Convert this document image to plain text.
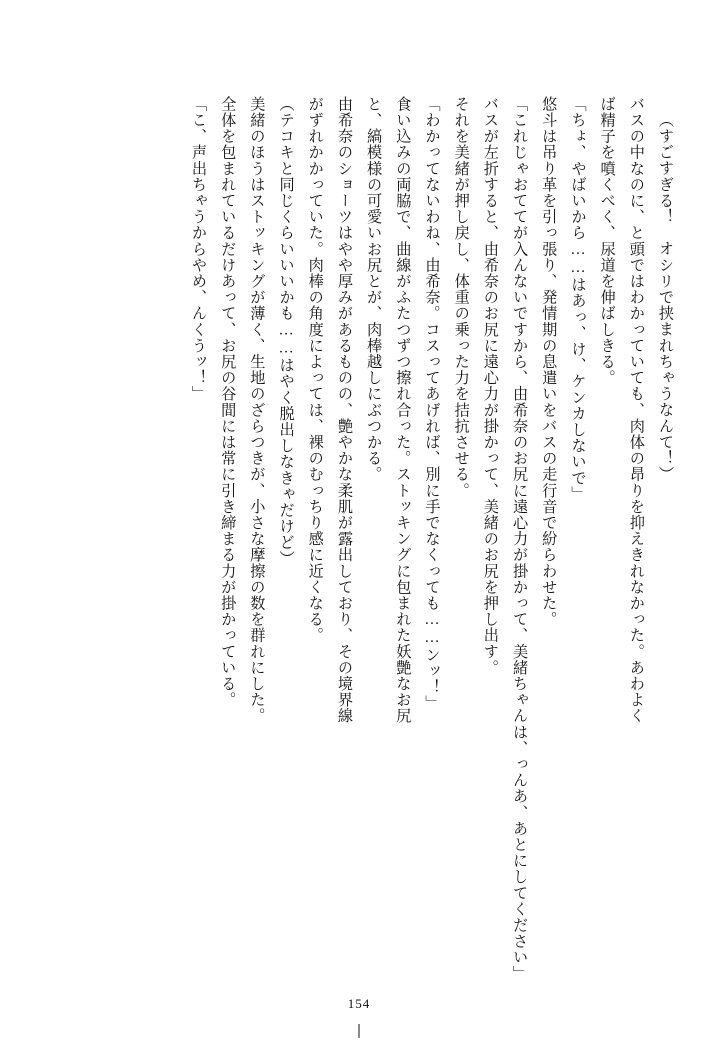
（すごすぎる！　オシリで挟まれちゃうなんて！）
バスの中なのに、と頭ではわかっていても、肉体の昂りを抑えきれなかった。あわよく
ば精子を噴くべく、尿道を伸ばしきる。
「ちょ、やばいから……はあっ、け、ケンカしないで」
悠斗は吊り革を引っ張り、発情期の息遣いをバスの走行音で紛らわせた。
「これじゃおててが入んないですから、由希奈のお尻に遠心力が掛かって、美緒ちゃんは、っんあ、あとにしてください」
バスが左折すると、由希奈のお尻に遠心力が掛かって、美緒のお尻を押し出す。
それを美緒が押し戻し、体重の乗った力を拮抗させる。
「わかってないわね、由希奈。コスってあげれば、別に手でなくっても……ンッ！」
食い込みの両脇で、曲線がふたつずつ擦れ合った。ストッキングに包まれた妖艶なお尻
と、縞模様の可愛いお尻とが、肉棒越しにぶつかる。
由希奈のショーツはやや厚みがあるものの、艶やかな柔肌が露出しており、その境界線
がずれかかっていた。肉棒の角度によっては、裸のむっちり感に近くなる。
（テコキと同じくらいいいかも……はやく脱出しなきゃだけど）
美緒のほうはストッキングが薄く、生地のざらつきが、小さな摩擦の数を群れにした。
全体を包まれているだけあって、お尻の谷間には常に引き締まる力が掛かっている。
「こ、声出ちゃうからやめ、んくうッ！」
154
